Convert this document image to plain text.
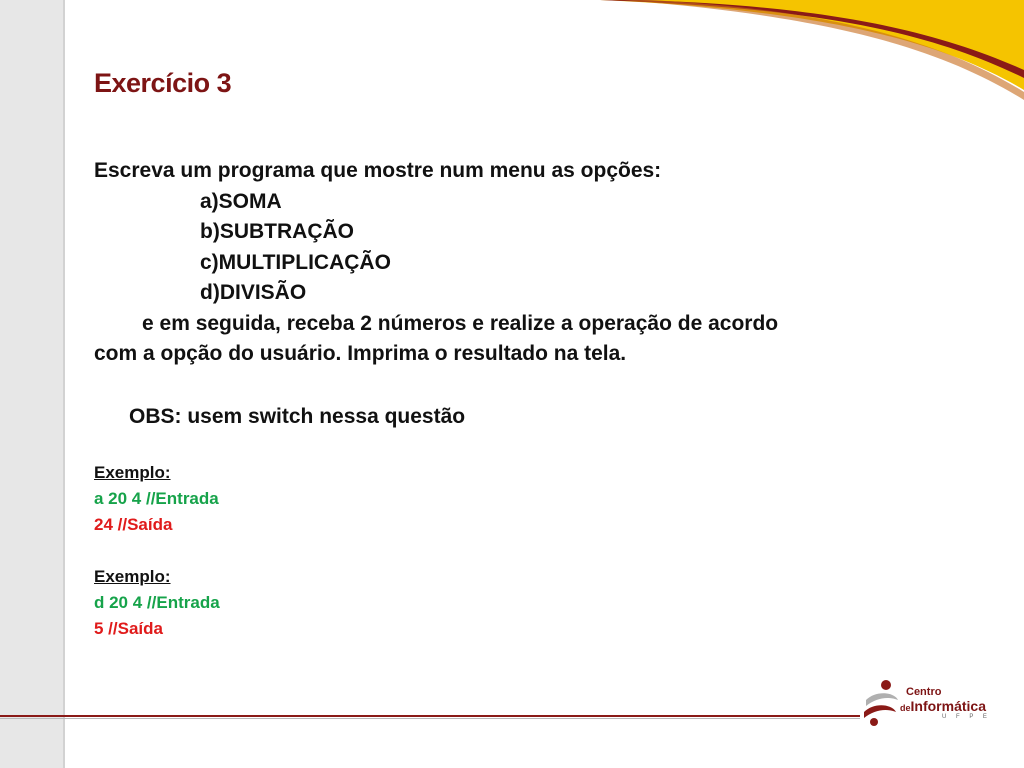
Exercício 3
Escreva um programa que mostre num menu as opções:
a)SOMA
b)SUBTRAÇÃO
c)MULTIPLICAÇÃO
d)DIVISÃO
e em seguida, receba 2 números e realize a operação de acordo
com a opção do usuário. Imprima o resultado na tela.
OBS: usem switch nessa questão
Exemplo:
a 20 4 //Entrada
24 //Saída
Exemplo:
d 20 4 //Entrada
5 //Saída
Centro
deInformática
U F P E
